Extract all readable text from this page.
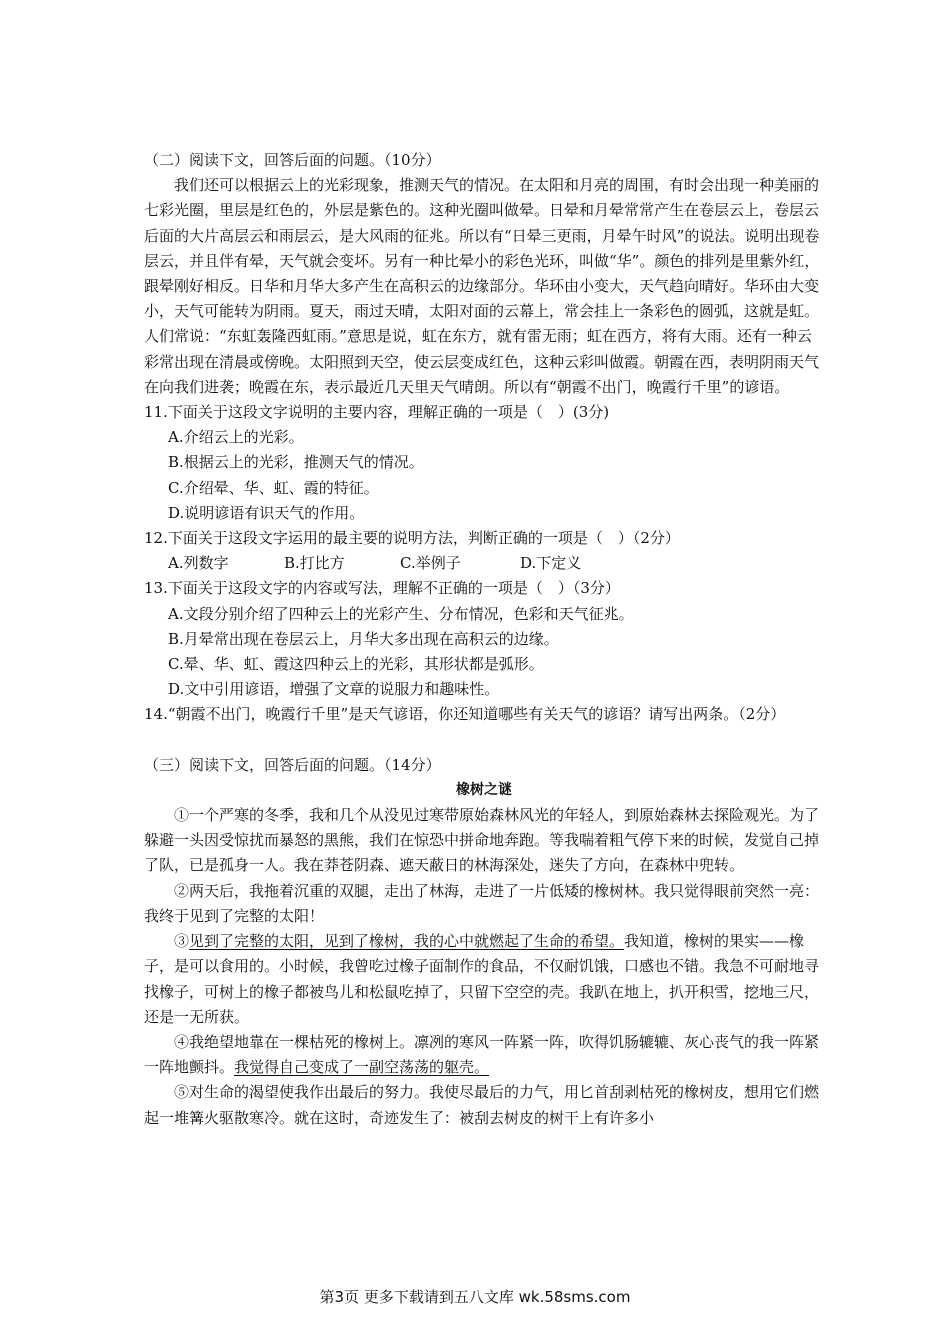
（二）阅读下文，回答后面的问题。（10分）

我们还可以根据云上的光彩现象，推测天气的情况。在太阳和月亮的周围，有时会出现一种美丽的七彩光圈，里层是红色的，外层是紫色的。这种光圈叫做晕。日晕和月晕常常产生在卷层云上，卷层云后面的大片高层云和雨层云，是大风雨的征兆。所以有“日晕三更雨，月晕午时风”的说法。说明出现卷层云，并且伴有晕，天气就会变坏。另有一种比晕小的彩色光环，叫做“华”。颜色的排列是里紫外红，跟晕刚好相反。日华和月华大多产生在高积云的边缘部分。华环由小变大，天气趋向晴好。华环由大变小，天气可能转为阴雨。夏天，雨过天晴，太阳对面的云幕上，常会挂上一条彩色的圆弧，这就是虹。人们常说：“东虹轰隆西虹雨。”意思是说，虹在东方，就有雷无雨；虹在西方，将有大雨。还有一种云彩常出现在清晨或傍晚。太阳照到天空，使云层变成红色，这种云彩叫做霞。朝霞在西，表明阴雨天气在向我们进袭；晚霞在东，表示最近几天里天气晴朗。所以有“朝霞不出门，晚霞行千里”的谚语。

11.下面关于这段文字说明的主要内容，理解正确的一项是（　）(3分)

A.介绍云上的光彩。

B.根据云上的光彩，推测天气的情况。

C.介绍晕、华、虹、霞的特征。

D.说明谚语有识天气的作用。

12.下面关于这段文字运用的最主要的说明方法，判断正确的一项是（　）（2分）

A.列数字	B.打比方	C.举例子	D.下定义

13.下面关于这段文字的内容或写法，理解不正确的一项是（　）（3分）

A.文段分别介绍了四种云上的光彩产生、分布情况，色彩和天气征兆。

B.月晕常出现在卷层云上，月华大多出现在高积云的边缘。

C.晕、华、虹、霞这四种云上的光彩，其形状都是弧形。

D.文中引用谚语，增强了文章的说服力和趣味性。

14.“朝霞不出门，晚霞行千里”是天气谚语，你还知道哪些有关天气的谚语？请写出两条。（2分）

（三）阅读下文，回答后面的问题。（14分）

橡树之谜

①一个严寒的冬季，我和几个从没见过寒带原始森林风光的年轻人，到原始森林去探险观光。为了躲避一头因受惊扰而暴怒的黑熊，我们在惊恐中拼命地奔跑。等我喘着粗气停下来的时候，发觉自己掉了队，已是孤身一人。我在莽苍阴森、遮天蔽日的林海深处，迷失了方向，在森林中兜转。

②两天后，我拖着沉重的双腿，走出了林海，走进了一片低矮的橡树林。我只觉得眼前突然一亮：我终于见到了完整的太阳！

③见到了完整的太阳，见到了橡树，我的心中就燃起了生命的希望。我知道，橡树的果实——橡子，是可以食用的。小时候，我曾吃过橡子面制作的食品，不仅耐饥饿，口感也不错。我急不可耐地寻找橡子，可树上的橡子都被鸟儿和松鼠吃掉了，只留下空空的壳。我趴在地上，扒开积雪，挖地三尺，还是一无所获。

④我绝望地靠在一棵枯死的橡树上。凛冽的寒风一阵紧一阵，吹得饥肠辘辘、灰心丧气的我一阵紧一阵地颤抖。我觉得自己变成了一副空荡荡的躯壳。

⑤对生命的渴望使我作出最后的努力。我使尽最后的力气，用匕首刮剥枯死的橡树皮，想用它们燃起一堆篝火驱散寒冷。就在这时，奇迹发生了：被刮去树皮的树干上有许多小

第3页 更多下载请到五八文库 wk.58sms.com
